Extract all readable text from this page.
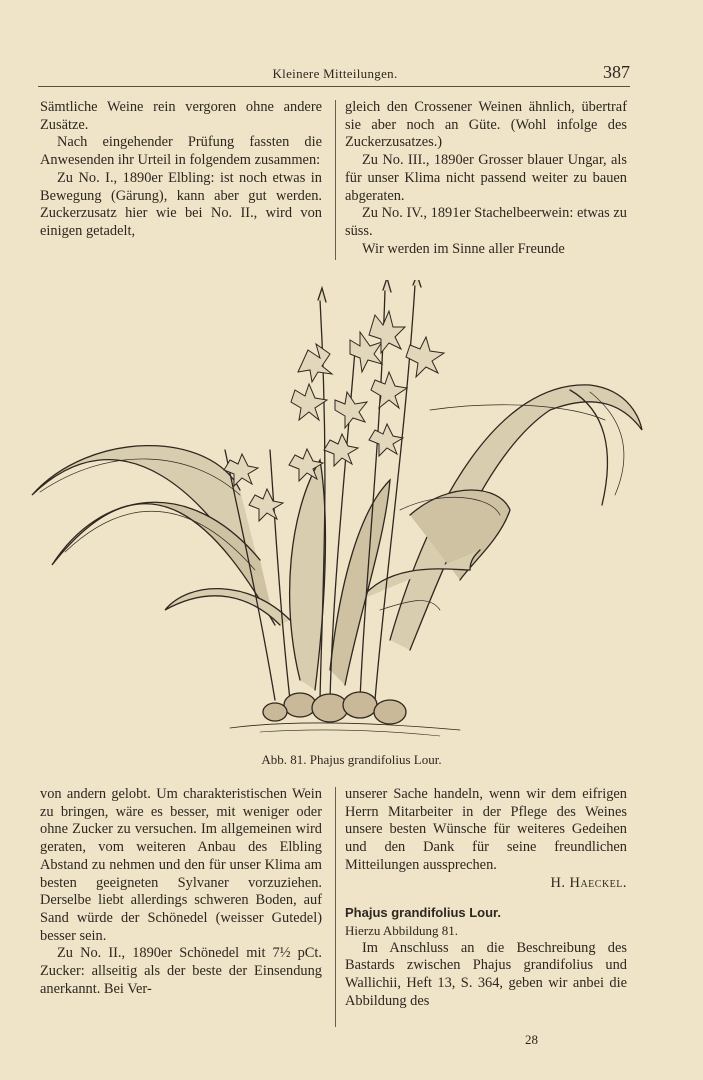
Kleinere Mitteilungen.	387

Sämtliche Weine rein vergoren ohne andere Zusätze.

Nach eingehender Prüfung fassten die Anwesenden ihr Urteil in folgendem zusammen:

Zu No. I., 1890er Elbling: ist noch etwas in Bewegung (Gärung), kann aber gut werden. Zuckerzusatz hier wie bei No. II., wird von einigen getadelt,

gleich den Crossener Weinen ähnlich, übertraf sie aber noch an Güte. (Wohl infolge des Zuckerzusatzes.)

Zu No. III., 1890er Grosser blauer Ungar, als für unser Klima nicht passend weiter zu bauen abgeraten.

Zu No. IV., 1891er Stachelbeerwein: etwas zu süss.

Wir werden im Sinne aller Freunde

Abb. 81. Phajus grandifolius Lour.

von andern gelobt. Um charakteristischen Wein zu bringen, wäre es besser, mit weniger oder ohne Zucker zu versuchen. Im allgemeinen wird geraten, vom weiteren Anbau des Elbling Abstand zu nehmen und den für unser Klima am besten geeigneten Sylvaner vorzuziehen. Derselbe liebt allerdings schweren Boden, auf Sand würde der Schönedel (weisser Gutedel) besser sein.

Zu No. II., 1890er Schönedel mit 7½ pCt. Zucker: allseitig als der beste der Einsendung anerkannt. Bei Ver-

unserer Sache handeln, wenn wir dem eifrigen Herrn Mitarbeiter in der Pflege des Weines unsere besten Wünsche für weiteres Gedeihen und den Dank für seine freundlichen Mitteilungen aussprechen.

H. Haeckel.

Phajus grandifolius Lour.

Hierzu Abbildung 81.

Im Anschluss an die Beschreibung des Bastards zwischen Phajus grandifolius und Wallichii, Heft 13, S. 364, geben wir anbei die Abbildung des

28
